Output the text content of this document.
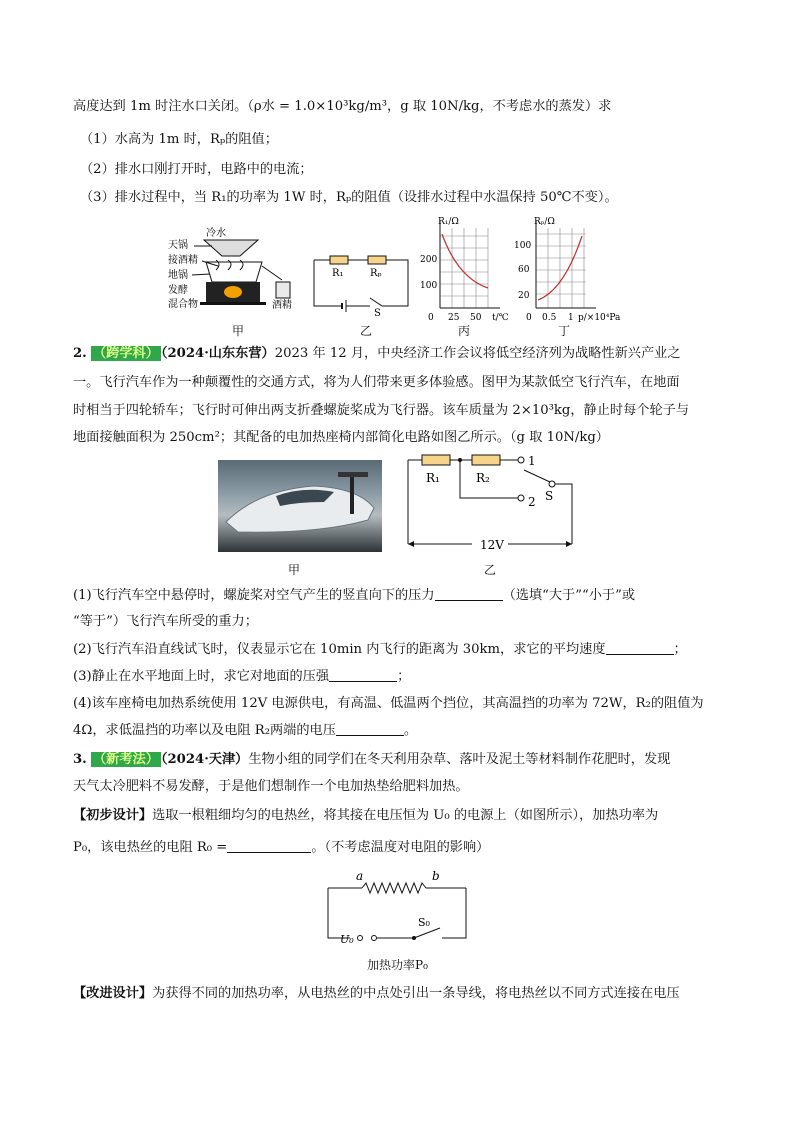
高度达到 1m 时注水口关闭。（ρ水 = 1.0×10³kg/m³，g 取 10N/kg，不考虑水的蒸发）求
（1）水高为 1m 时，Rₚ的阻值；
（2）排水口刚打开时，电路中的电流；
（3）排水过程中，当 R₁的功率为 1W 时，Rₚ的阻值（设排水过程中水温保持 50℃不变）。
冷水
天锅
接酒精
地锅
发酵
混合物	酒精
甲
R₁	Rₚ
S
乙
R₁/Ω
200
100
0 25 50 t/℃
丙
Rₚ/Ω
100
60
20
0 0.5 1 p/×10⁴Pa
丁
2. （跨学科） （2024·山东东营）2023 年 12 月，中央经济工作会议将低空经济列为战略性新兴产业之
一。飞行汽车作为一种颠覆性的交通方式，将为人们带来更多体验感。图甲为某款低空飞行汽车，在地面
时相当于四轮轿车；飞行时可伸出两支折叠螺旋桨成为飞行器。该车质量为 2×10³kg，静止时每个轮子与
地面接触面积为 250cm²；其配备的电加热座椅内部简化电路如图乙所示。（g 取 10N/kg）
甲
R₁	R₂
1
2 S
12V
乙
(1)飞行汽车空中悬停时，螺旋桨对空气产生的竖直向下的压力	（选填“大于”“小于”或
“等于”）飞行汽车所受的重力；
(2)飞行汽车沿直线试飞时，仪表显示它在 10min 内飞行的距离为 30km，求它的平均速度	；
(3)静止在水平地面上时，求它对地面的压强	；
(4)该车座椅电加热系统使用 12V 电源供电，有高温、低温两个挡位，其高温挡的功率为 72W，R₂的阻值为
4Ω，求低温挡的功率以及电阻 R₂两端的电压	。
3. （新考法） （2024·天津）生物小组的同学们在冬天利用杂草、落叶及泥土等材料制作花肥时，发现
天气太冷肥料不易发酵，于是他们想制作一个电加热垫给肥料加热。
【初步设计】选取一根粗细均匀的电热丝，将其接在电压恒为 U₀ 的电源上（如图所示），加热功率为
P₀，该电热丝的电阻 R₀ =	。（不考虑温度对电阻的影响）
a	b
S₀
U₀
加热功率P₀
【改进设计】为获得不同的加热功率，从电热丝的中点处引出一条导线，将电热丝以不同方式连接在电压
